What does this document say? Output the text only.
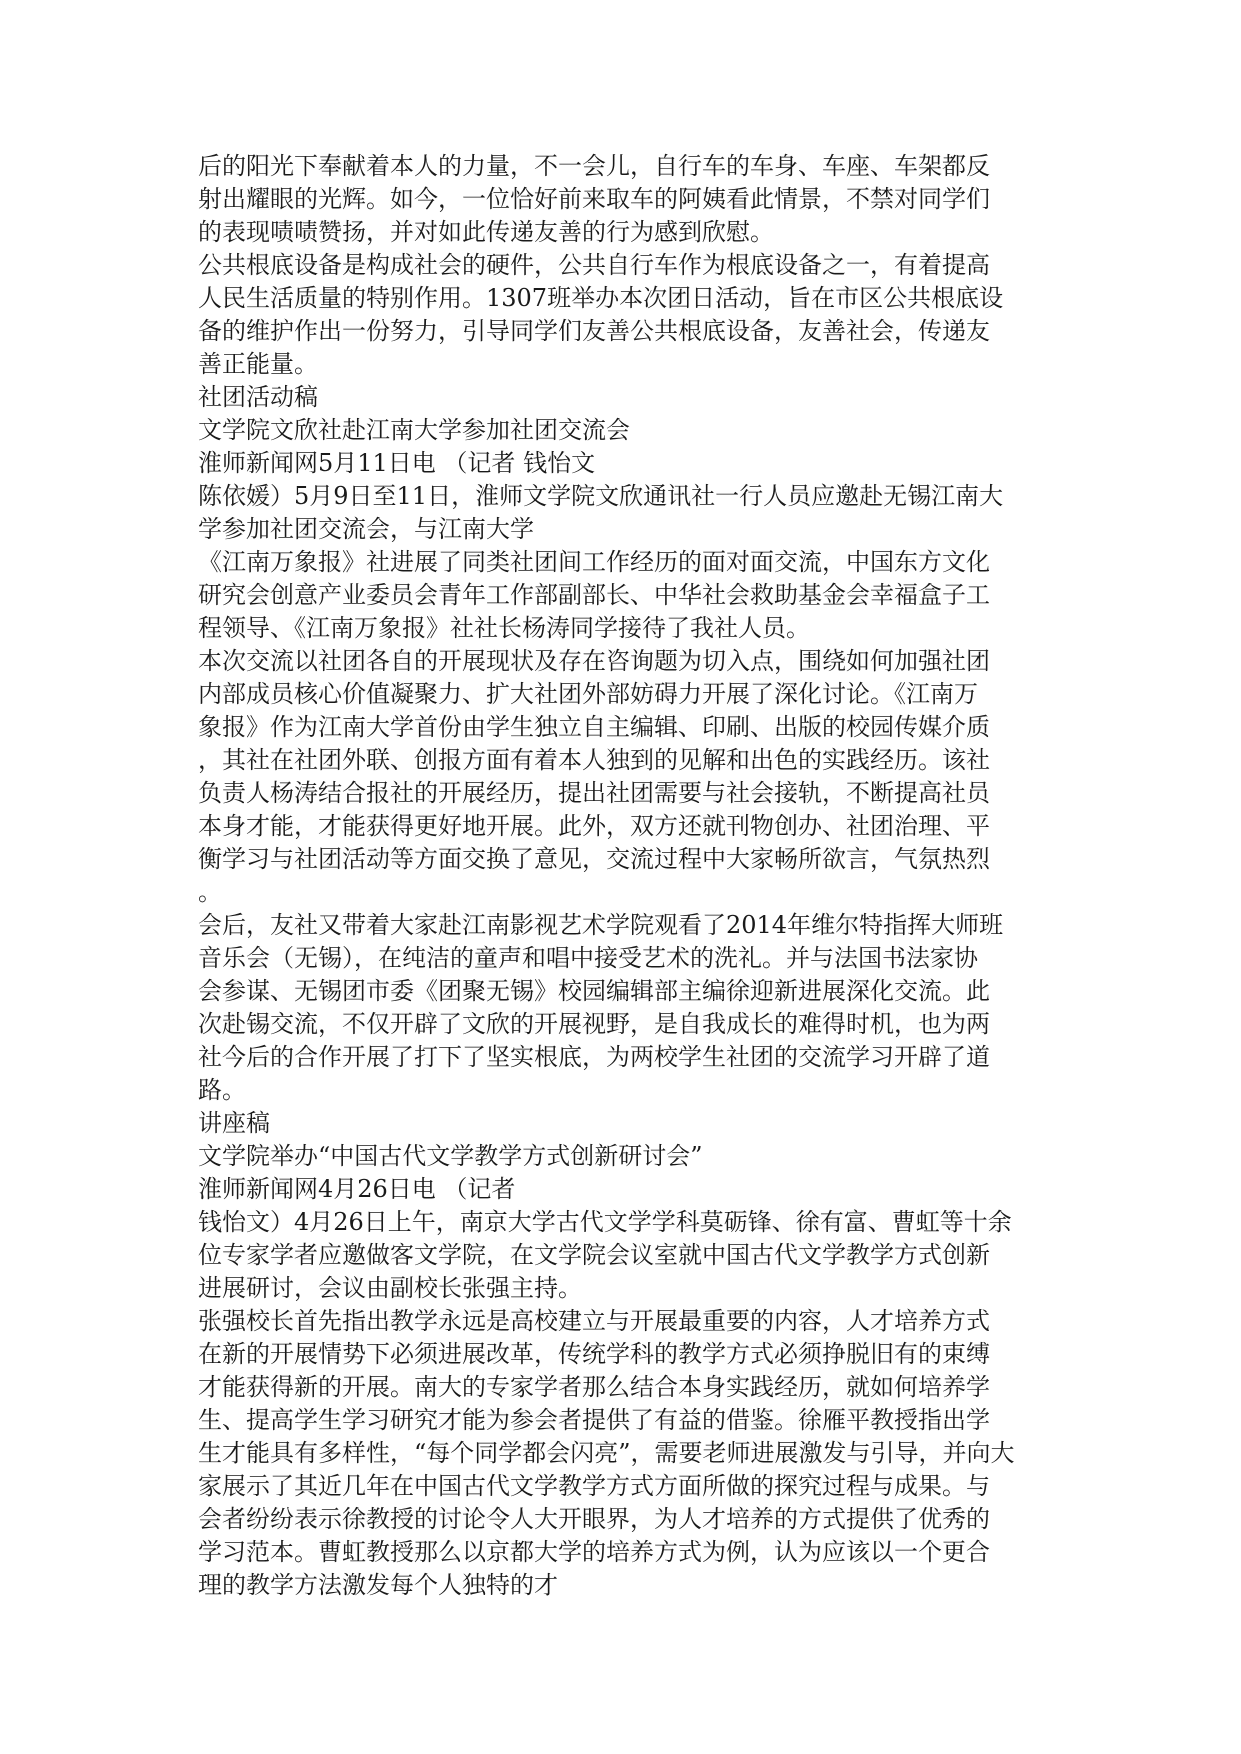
后的阳光下奉献着本人的力量，不一会儿，自行车的车身、车座、车架都反
射出耀眼的光辉。如今，一位恰好前来取车的阿姨看此情景，不禁对同学们
的表现啧啧赞扬，并对如此传递友善的行为感到欣慰。
公共根底设备是构成社会的硬件，公共自行车作为根底设备之一，有着提高
人民生活质量的特别作用。1307班举办本次团日活动，旨在市区公共根底设
备的维护作出一份努力，引导同学们友善公共根底设备，友善社会，传递友
善正能量。
社团活动稿
文学院文欣社赴江南大学参加社团交流会
淮师新闻网5月11日电 （记者 钱怡文
陈依媛）5月9日至11日，淮师文学院文欣通讯社一行人员应邀赴无锡江南大
学参加社团交流会，与江南大学
《江南万象报》社进展了同类社团间工作经历的面对面交流，中国东方文化
研究会创意产业委员会青年工作部副部长、中华社会救助基金会幸福盒子工
程领导、《江南万象报》社社长杨涛同学接待了我社人员。
本次交流以社团各自的开展现状及存在咨询题为切入点，围绕如何加强社团
内部成员核心价值凝聚力、扩大社团外部妨碍力开展了深化讨论。《江南万
象报》作为江南大学首份由学生独立自主编辑、印刷、出版的校园传媒介质
，其社在社团外联、创报方面有着本人独到的见解和出色的实践经历。该社
负责人杨涛结合报社的开展经历，提出社团需要与社会接轨，不断提高社员
本身才能，才能获得更好地开展。此外，双方还就刊物创办、社团治理、平
衡学习与社团活动等方面交换了意见，交流过程中大家畅所欲言，气氛热烈
。
会后，友社又带着大家赴江南影视艺术学院观看了2014年维尔特指挥大师班
音乐会（无锡），在纯洁的童声和唱中接受艺术的洗礼。并与法国书法家协
会参谋、无锡团市委《团聚无锡》校园编辑部主编徐迎新进展深化交流。此
次赴锡交流，不仅开辟了文欣的开展视野，是自我成长的难得时机，也为两
社今后的合作开展了打下了坚实根底，为两校学生社团的交流学习开辟了道
路。
讲座稿
文学院举办“中国古代文学教学方式创新研讨会”
淮师新闻网4月26日电 （记者
钱怡文）4月26日上午，南京大学古代文学学科莫砺锋、徐有富、曹虹等十余
位专家学者应邀做客文学院，在文学院会议室就中国古代文学教学方式创新
进展研讨，会议由副校长张强主持。
张强校长首先指出教学永远是高校建立与开展最重要的内容，人才培养方式
在新的开展情势下必须进展改革，传统学科的教学方式必须挣脱旧有的束缚
才能获得新的开展。南大的专家学者那么结合本身实践经历，就如何培养学
生、提高学生学习研究才能为参会者提供了有益的借鉴。徐雁平教授指出学
生才能具有多样性，“每个同学都会闪亮”，需要老师进展激发与引导，并向大
家展示了其近几年在中国古代文学教学方式方面所做的探究过程与成果。与
会者纷纷表示徐教授的讨论令人大开眼界，为人才培养的方式提供了优秀的
学习范本。曹虹教授那么以京都大学的培养方式为例，认为应该以一个更合
理的教学方法激发每个人独特的才
